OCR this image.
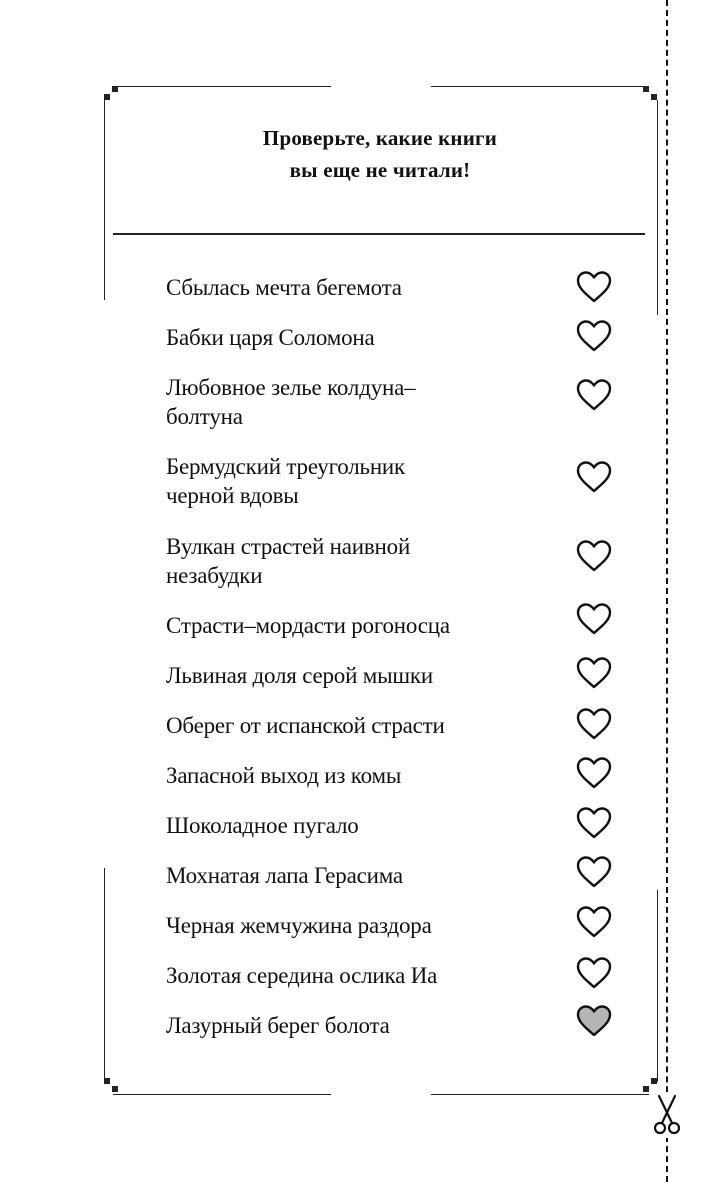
Проверьте, какие книги
вы еще не читали!
Сбылась мечта бегемота
Бабки царя Соломона
Любовное зелье колдуна–
болтуна
Бермудский треугольник
черной вдовы
Вулкан страстей наивной
незабудки
Страсти–мордасти рогоносца
Львиная доля серой мышки
Оберег от испанской страсти
Запасной выход из комы
Шоколадное пугало
Мохнатая лапа Герасима
Черная жемчужина раздора
Золотая середина ослика Иа
Лазурный берег болота
